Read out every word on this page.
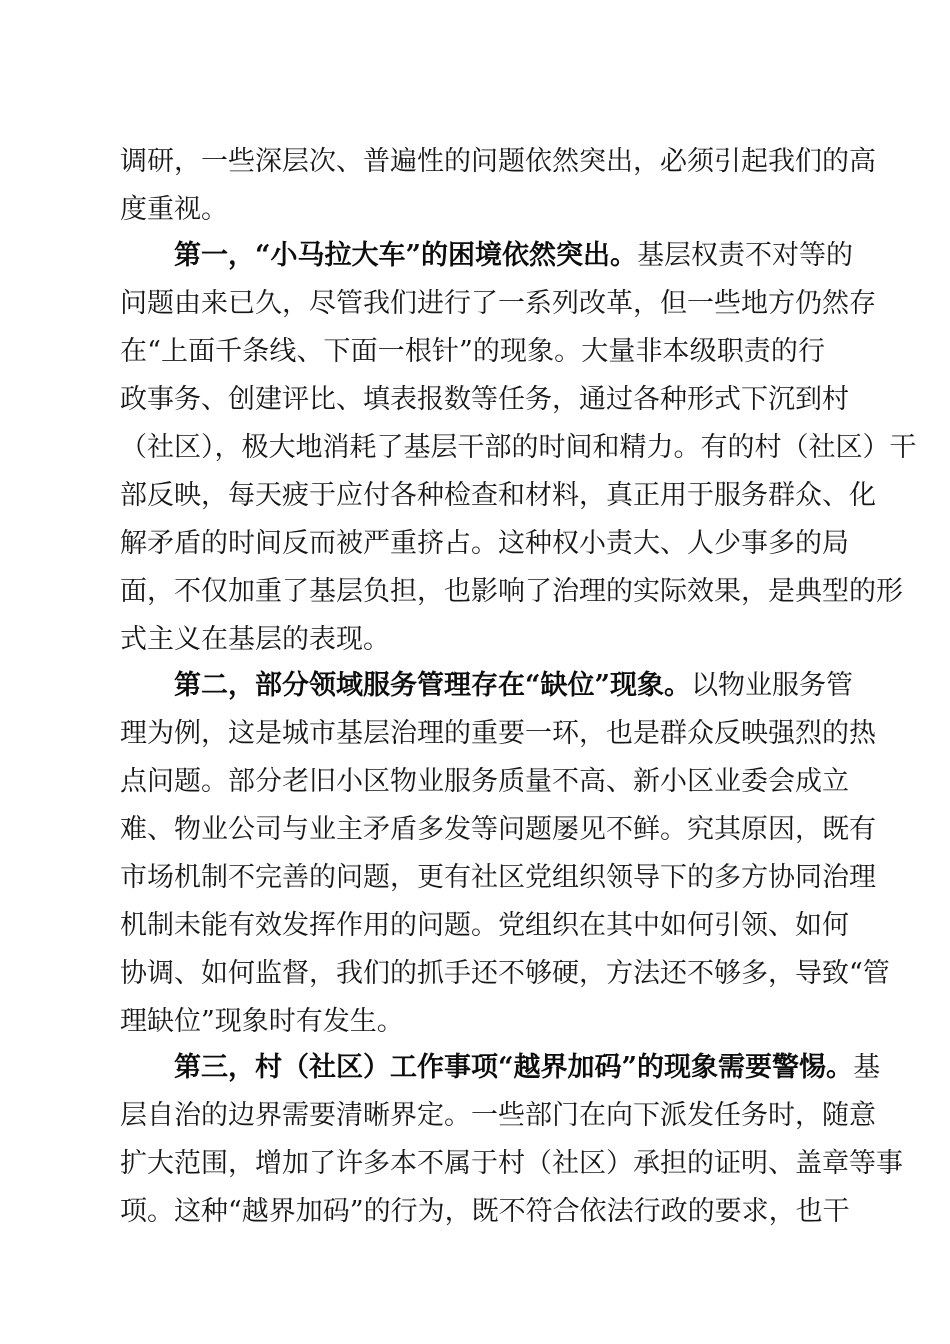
调研，一些深层次、普遍性的问题依然突出，必须引起我们的高
度重视。
第一，“小马拉大车”的困境依然突出。基层权责不对等的
问题由来已久，尽管我们进行了一系列改革，但一些地方仍然存
在“上面千条线、下面一根针”的现象。大量非本级职责的行
政事务、创建评比、填表报数等任务，通过各种形式下沉到村
（社区），极大地消耗了基层干部的时间和精力。有的村（社区）干
部反映，每天疲于应付各种检查和材料，真正用于服务群众、化
解矛盾的时间反而被严重挤占。这种权小责大、人少事多的局
面，不仅加重了基层负担，也影响了治理的实际效果，是典型的形
式主义在基层的表现。
第二，部分领域服务管理存在“缺位”现象。以物业服务管
理为例，这是城市基层治理的重要一环，也是群众反映强烈的热
点问题。部分老旧小区物业服务质量不高、新小区业委会成立
难、物业公司与业主矛盾多发等问题屡见不鲜。究其原因，既有
市场机制不完善的问题，更有社区党组织领导下的多方协同治理
机制未能有效发挥作用的问题。党组织在其中如何引领、如何
协调、如何监督，我们的抓手还不够硬，方法还不够多，导致“管
理缺位”现象时有发生。
第三，村（社区）工作事项“越界加码”的现象需要警惕。基
层自治的边界需要清晰界定。一些部门在向下派发任务时，随意
扩大范围，增加了许多本不属于村（社区）承担的证明、盖章等事
项。这种“越界加码”的行为，既不符合依法行政的要求，也干
